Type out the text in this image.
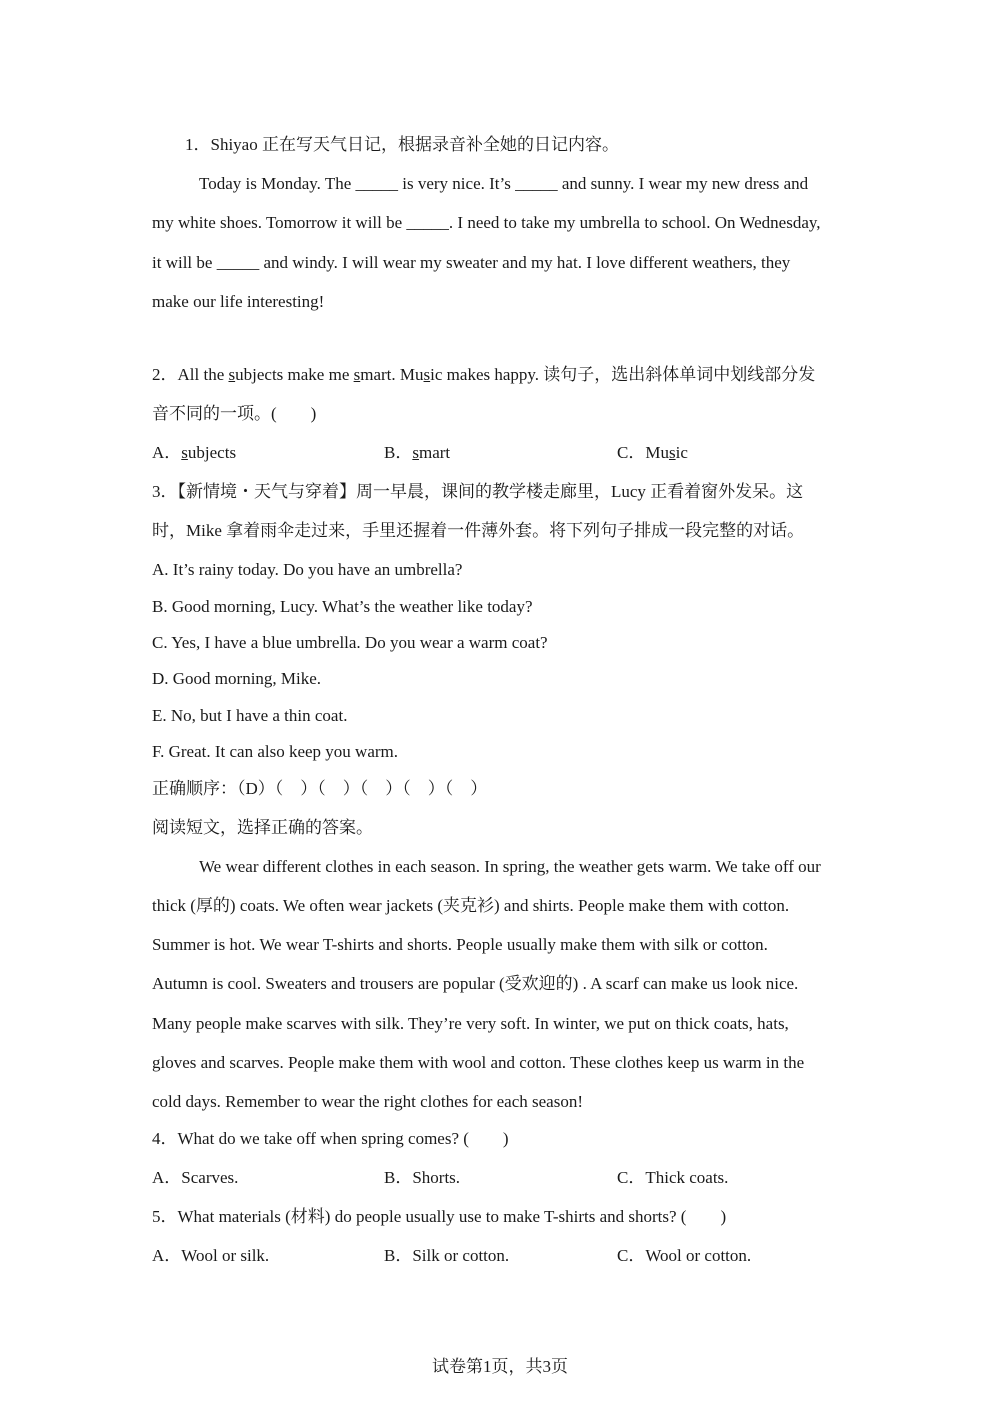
1．Shiyao 正在写天气日记，根据录音补全她的日记内容。
Today is Monday. The _____ is very nice. It’s _____ and sunny. I wear my new dress and
my white shoes. Tomorrow it will be _____. I need to take my umbrella to school. On Wednesday,
it will be _____ and windy. I will wear my sweater and my hat. I love different weathers, they
make our life interesting!
2．All the subjects make me smart. Music makes happy. 读句子，选出斜体单词中划线部分发
音不同的一项。(　　)
A．subjects	B．smart	C．Music
3．【新情境・天气与穿着】周一早晨，课间的教学楼走廊里，Lucy 正看着窗外发呆。这
时，Mike 拿着雨伞走过来，手里还握着一件薄外套。将下列句子排成一段完整的对话。
A. It’s rainy today. Do you have an umbrella?
B. Good morning, Lucy. What’s the weather like today?
C. Yes, I have a blue umbrella. Do you wear a warm coat?
D. Good morning, Mike.
E. No, but I have a thin coat.
F. Great. It can also keep you warm.
正确顺序：（D）（　）（　）（　）（　）（　）
阅读短文，选择正确的答案。
We wear different clothes in each season. In spring, the weather gets warm. We take off our
thick (厚的) coats. We often wear jackets (夹克衫) and shirts. People make them with cotton.
Summer is hot. We wear T-shirts and shorts. People usually make them with silk or cotton.
Autumn is cool. Sweaters and trousers are popular (受欢迎的) . A scarf can make us look nice.
Many people make scarves with silk. They’re very soft. In winter, we put on thick coats, hats,
gloves and scarves. People make them with wool and cotton. These clothes keep us warm in the
cold days. Remember to wear the right clothes for each season!
4．What do we take off when spring comes? (　　)
A．Scarves.	B．Shorts.	C．Thick coats.
5．What materials (材料) do people usually use to make T-shirts and shorts? (　　)
A．Wool or silk.	B．Silk or cotton.	C．Wool or cotton.
试卷第1页，共3页
